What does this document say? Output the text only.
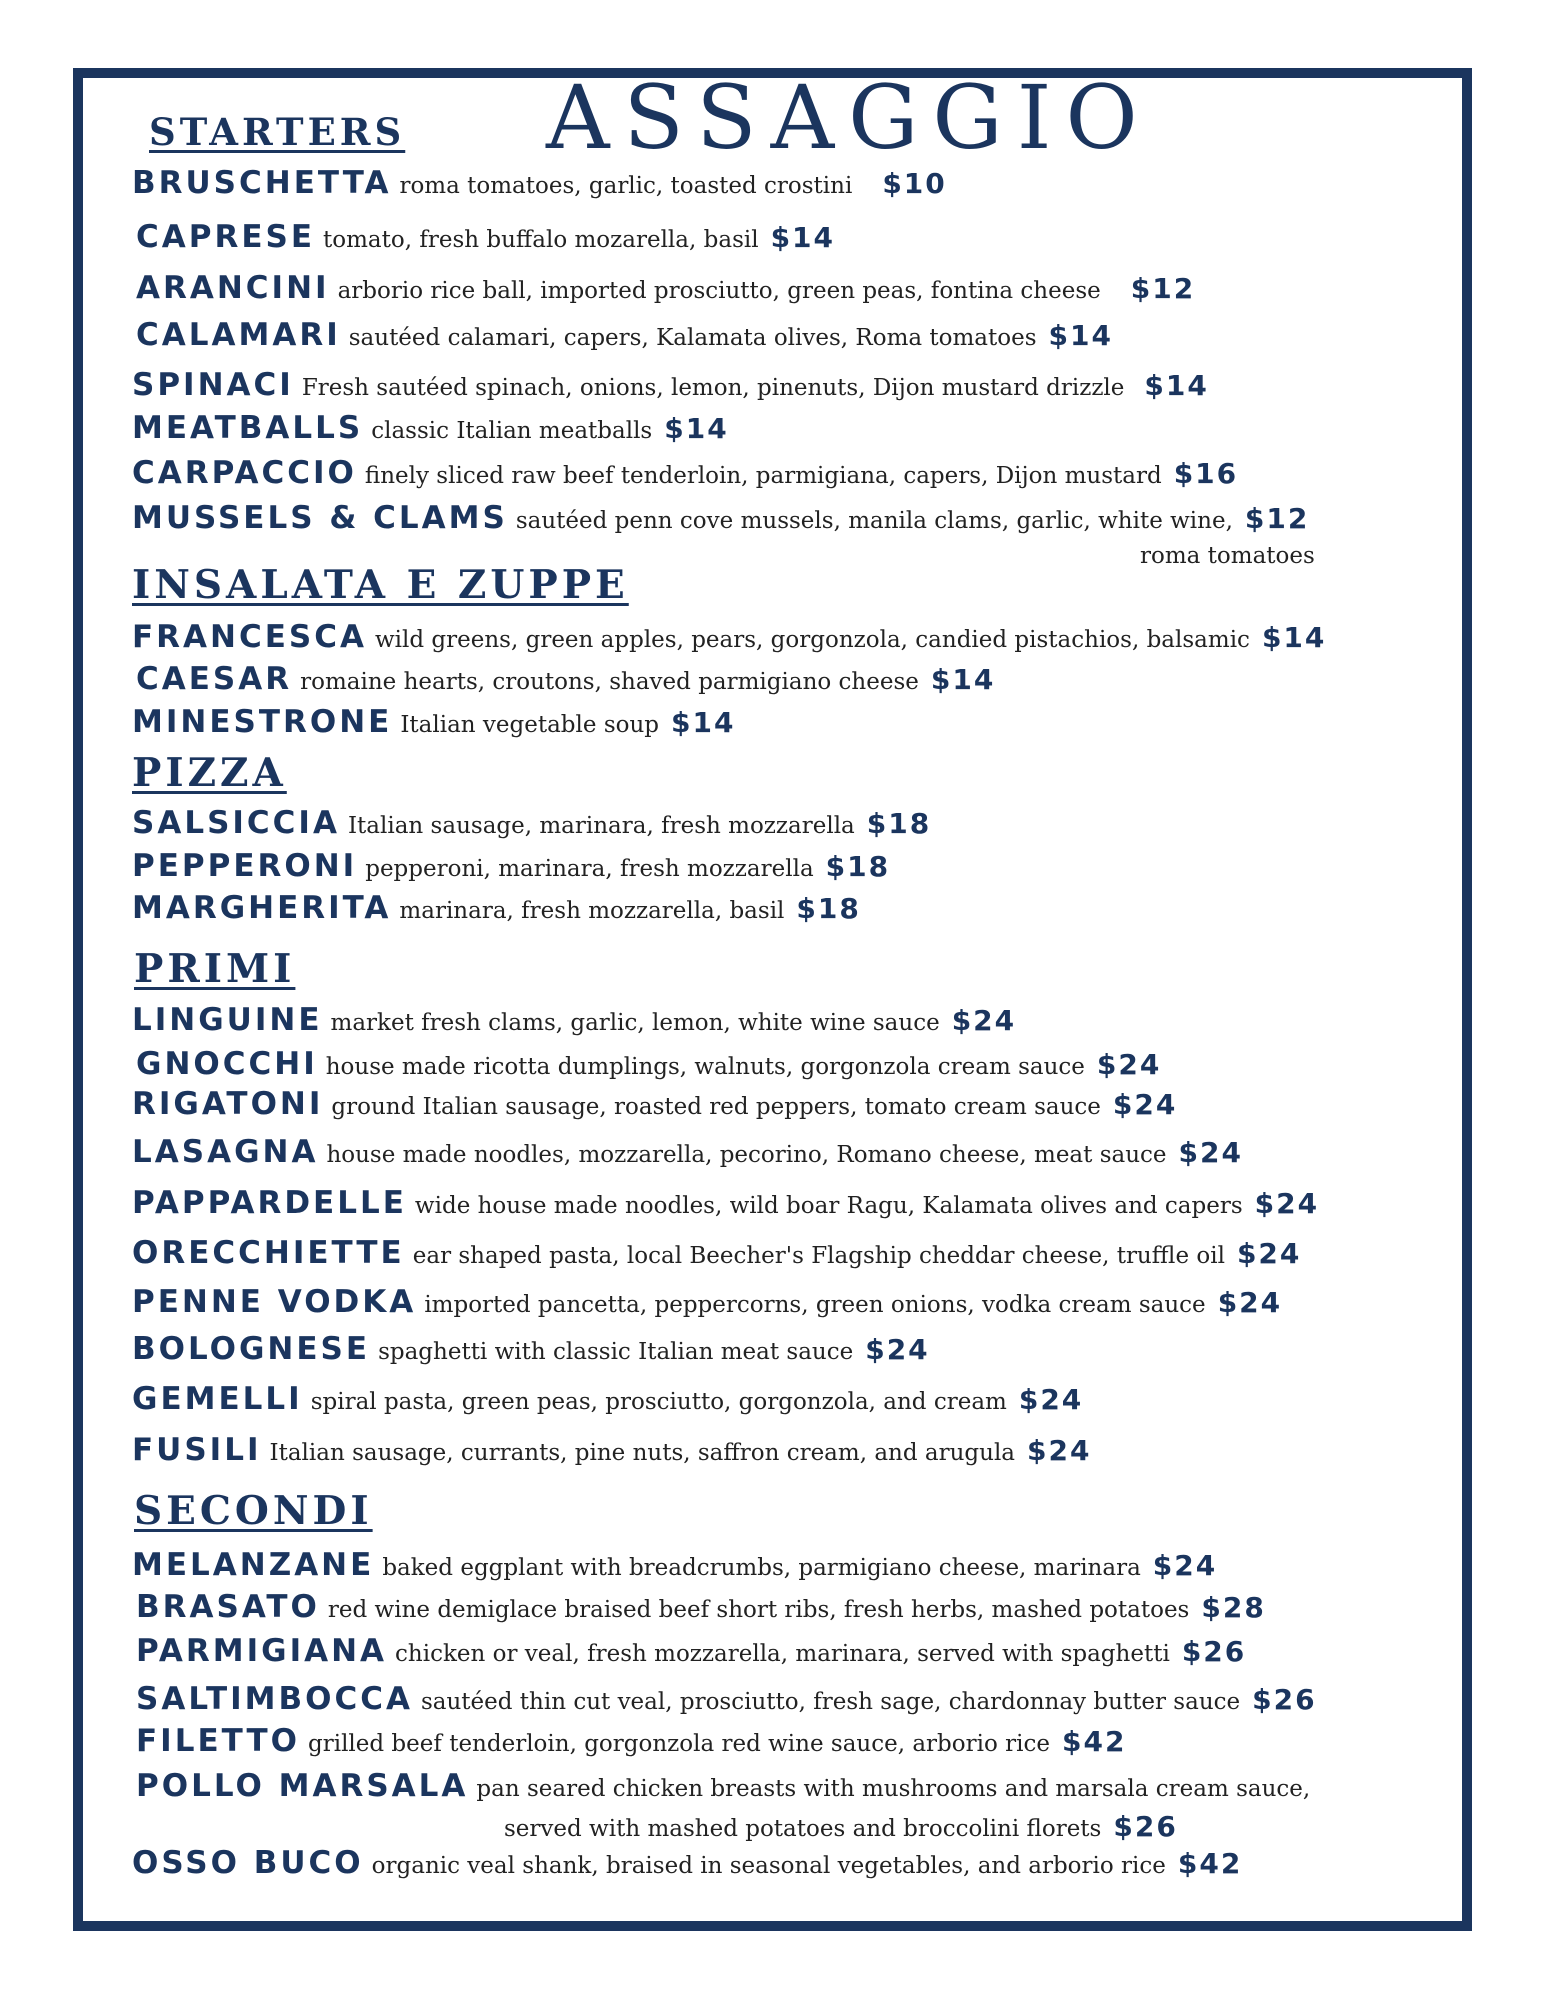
ASSAGGIO
STARTERS
BRUSCHETTA roma tomatoes, garlic, toasted crostini $10
CAPRESE tomato, fresh buffalo mozarella, basil $14
ARANCINI arborio rice ball, imported prosciutto, green peas, fontina cheese $12
CALAMARI sautéed calamari, capers, Kalamata olives, Roma tomatoes $14
SPINACI Fresh sautéed spinach, onions, lemon, pinenuts, Dijon mustard drizzle $14
MEATBALLS classic Italian meatballs $14
CARPACCIO finely sliced raw beef tenderloin, parmigiana, capers, Dijon mustard $16
MUSSELS & CLAMS sautéed penn cove mussels, manila clams, garlic, white wine, $12
roma tomatoes
INSALATA E ZUPPE
FRANCESCA wild greens, green apples, pears, gorgonzola, candied pistachios, balsamic $14
CAESAR romaine hearts, croutons, shaved parmigiano cheese $14
MINESTRONE Italian vegetable soup $14
PIZZA
SALSICCIA Italian sausage, marinara, fresh mozzarella $18
PEPPERONI pepperoni, marinara, fresh mozzarella $18
MARGHERITA marinara, fresh mozzarella, basil $18
PRIMI
LINGUINE market fresh clams, garlic, lemon, white wine sauce $24
GNOCCHI house made ricotta dumplings, walnuts, gorgonzola cream sauce $24
RIGATONI ground Italian sausage, roasted red peppers, tomato cream sauce $24
LASAGNA house made noodles, mozzarella, pecorino, Romano cheese, meat sauce $24
PAPPARDELLE wide house made noodles, wild boar Ragu, Kalamata olives and capers $24
ORECCHIETTE ear shaped pasta, local Beecher's Flagship cheddar cheese, truffle oil $24
PENNE VODKA imported pancetta, peppercorns, green onions, vodka cream sauce $24
BOLOGNESE spaghetti with classic Italian meat sauce $24
GEMELLI spiral pasta, green peas, prosciutto, gorgonzola, and cream $24
FUSILI Italian sausage, currants, pine nuts, saffron cream, and arugula $24
SECONDI
MELANZANE baked eggplant with breadcrumbs, parmigiano cheese, marinara $24
BRASATO red wine demiglace braised beef short ribs, fresh herbs, mashed potatoes $28
PARMIGIANA chicken or veal, fresh mozzarella, marinara, served with spaghetti $26
SALTIMBOCCA sautéed thin cut veal, prosciutto, fresh sage, chardonnay butter sauce $26
FILETTO grilled beef tenderloin, gorgonzola red wine sauce, arborio rice $42
POLLO MARSALA pan seared chicken breasts with mushrooms and marsala cream sauce,
served with mashed potatoes and broccolini florets $26
OSSO BUCO organic veal shank, braised in seasonal vegetables, and arborio rice $42
